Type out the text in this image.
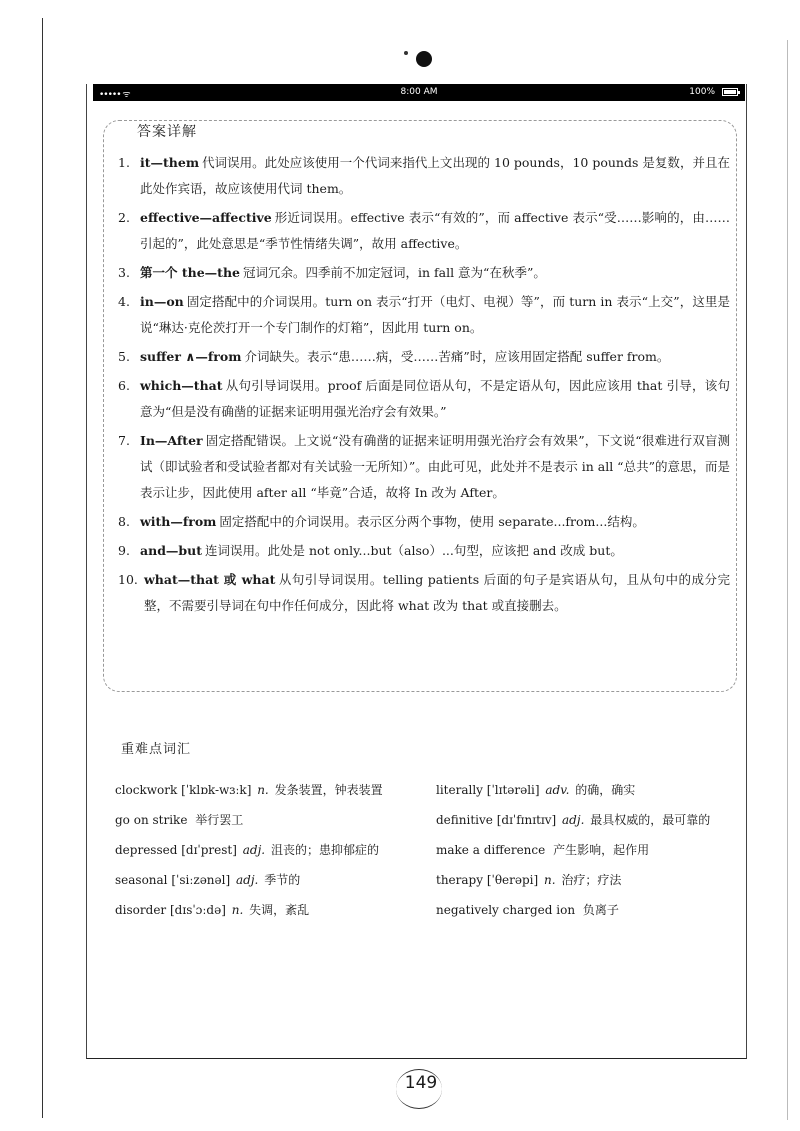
••••• ᯤ	8:00 AM	100%
答案详解
1. it—them 代词误用。此处应该使用一个代词来指代上文出现的 10 pounds，10 pounds 是复数，并且在此处作宾语，故应该使用代词 them。
2. effective—affective 形近词误用。effective 表示“有效的”，而 affective 表示“受……影响的，由……引起的”，此处意思是“季节性情绪失调”，故用 affective。
3. 第一个 the—the 冠词冗余。四季前不加定冠词，in fall 意为“在秋季”。
4. in—on 固定搭配中的介词误用。turn on 表示“打开（电灯、电视）等”，而 turn in 表示“上交”，这里是说“琳达·克伦茨打开一个专门制作的灯箱”，因此用 turn on。
5. suffer ∧—from 介词缺失。表示“患……病，受……苦痛”时，应该用固定搭配 suffer from。
6. which—that 从句引导词误用。proof 后面是同位语从句，不是定语从句，因此应该用 that 引导，该句意为“但是没有确凿的证据来证明用强光治疗会有效果。”
7. In—After 固定搭配错误。上文说“没有确凿的证据来证明用强光治疗会有效果”，下文说“很难进行双盲测试（即试验者和受试验者都对有关试验一无所知）”。由此可见，此处并不是表示 in all “总共”的意思，而是表示让步，因此使用 after all “毕竟”合适，故将 In 改为 After。
8. with—from 固定搭配中的介词误用。表示区分两个事物，使用 separate...from...结构。
9. and—but 连词误用。此处是 not only...but（also）...句型，应该把 and 改成 but。
10. what—that 或 what 从句引导词误用。telling patients 后面的句子是宾语从句，且从句中的成分完整，不需要引导词在句中作任何成分，因此将 what 改为 that 或直接删去。
重难点词汇
clockwork [ˈklɒk-wɜːk] n. 发条装置，钟表装置
go on strike 举行罢工
depressed [dɪˈprest] adj. 沮丧的；患抑郁症的
seasonal [ˈsiːzənəl] adj. 季节的
disorder [dɪsˈɔːdə] n. 失调，紊乱
literally [ˈlɪtərəli] adv. 的确，确实
definitive [dɪˈfɪnɪtɪv] adj. 最具权威的，最可靠的
make a difference 产生影响，起作用
therapy [ˈθerəpi] n. 治疗；疗法
negatively charged ion 负离子
149
